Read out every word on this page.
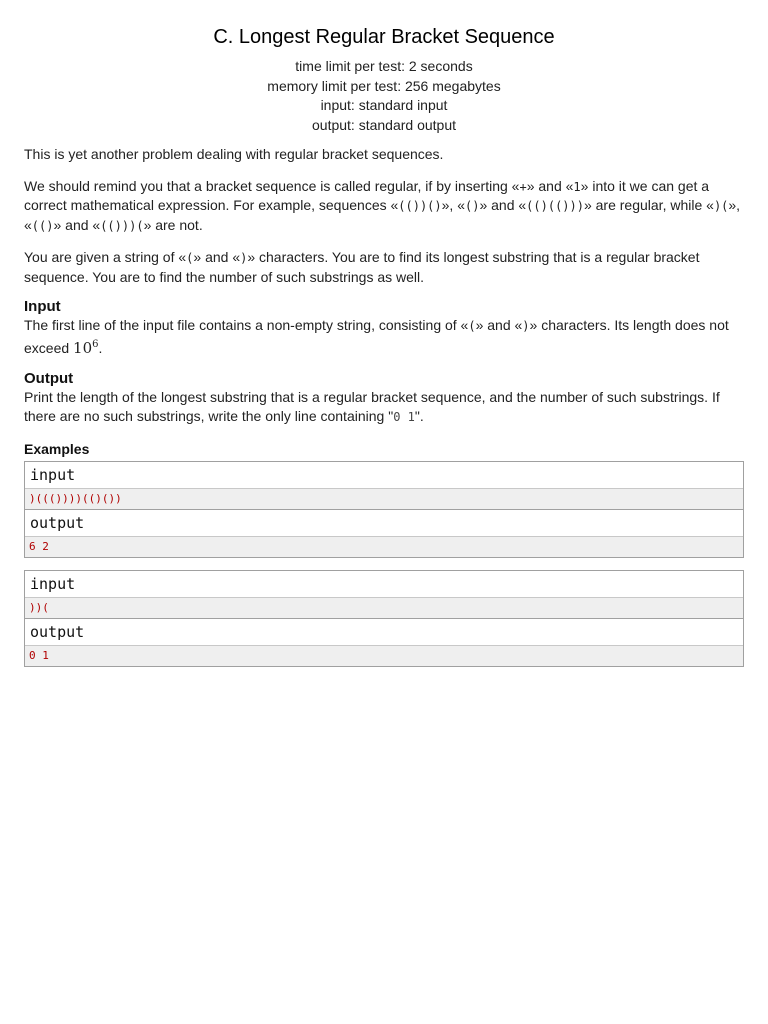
C. Longest Regular Bracket Sequence
time limit per test: 2 seconds
memory limit per test: 256 megabytes
input: standard input
output: standard output

This is yet another problem dealing with regular bracket sequences.

We should remind you that a bracket sequence is called regular, if by inserting «+» and «1» into it we can get a correct mathematical expression. For example, sequences «(())()», «()» and «(()(()))» are regular, while «)(», «(()» and «(()))(» are not.

You are given a string of «(» and «)» characters. You are to find its longest substring that is a regular bracket sequence. You are to find the number of such substrings as well.

Input

The first line of the input file contains a non-empty string, consisting of «(» and «)» characters. Its length does not exceed $10^6$.

Output

Print the length of the longest substring that is a regular bracket sequence, and the number of such substrings. If there are no such substrings, write the only line containing "0 1".

Examples
input
)((())))(()())
output
6 2
input
))(
output
0 1
